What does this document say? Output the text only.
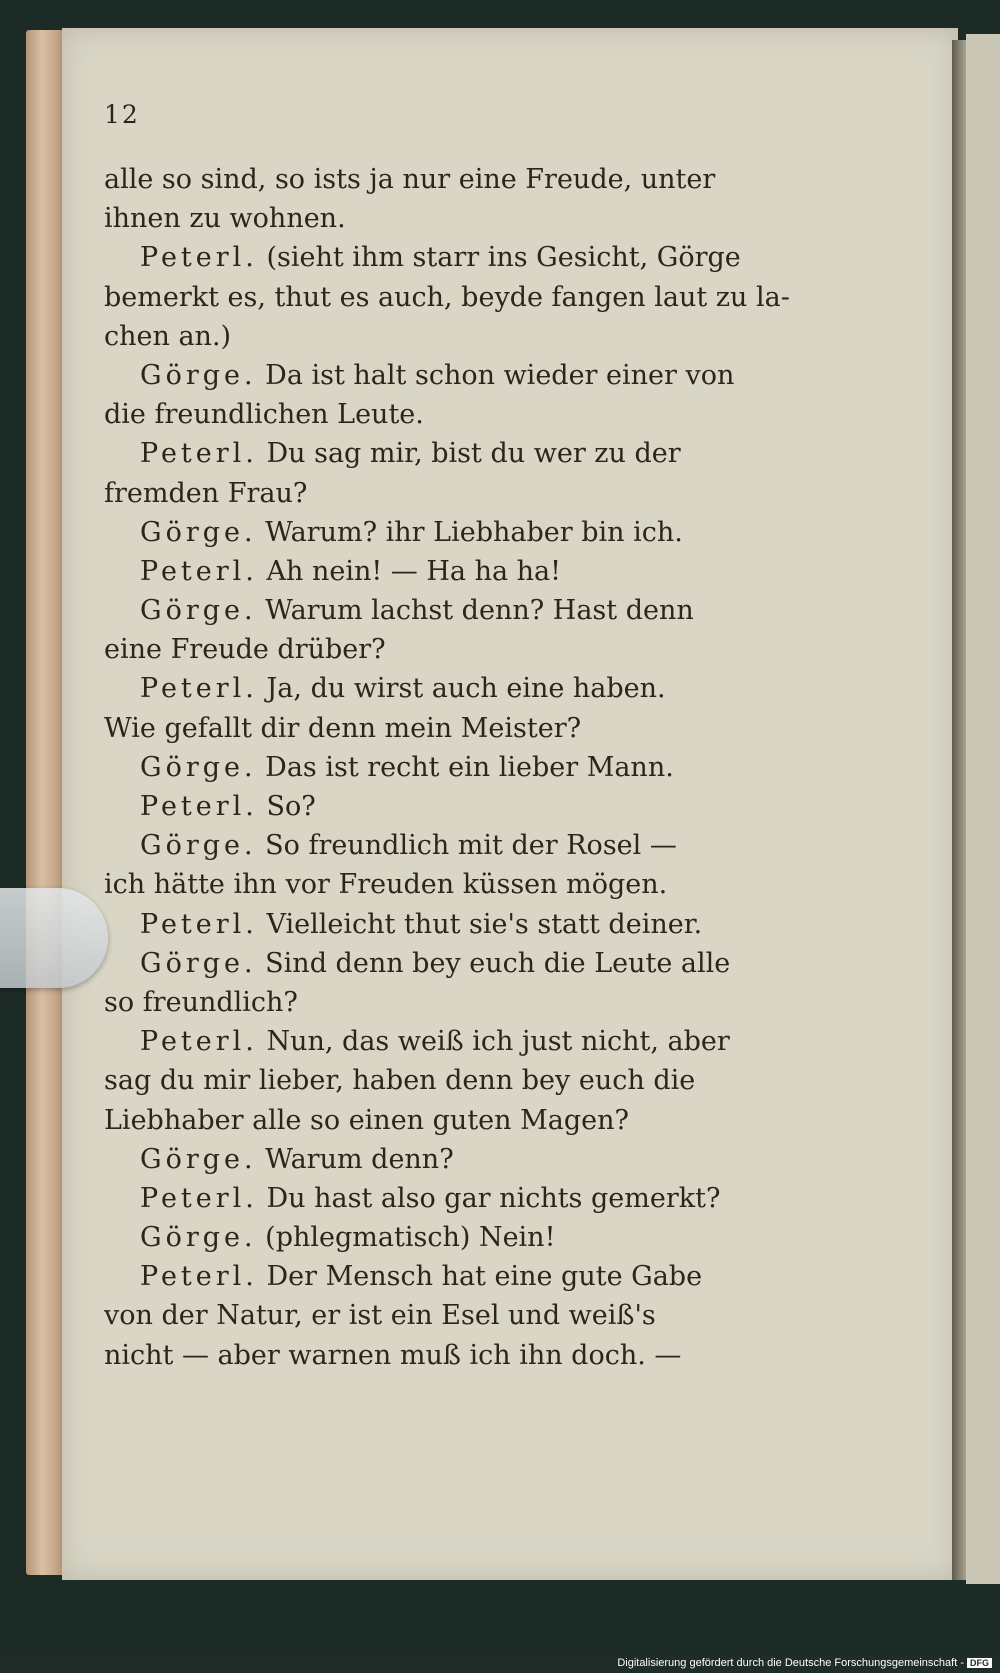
12
alle so sind, so ists ja nur eine Freude, unter
ihnen zu wohnen.
Peterl. (sieht ihm starr ins Gesicht, Görge
bemerkt es, thut es auch, beyde fangen laut zu la-
chen an.)
Görge. Da ist halt schon wieder einer von
die freundlichen Leute.
Peterl. Du sag mir, bist du wer zu der
fremden Frau?
Görge. Warum? ihr Liebhaber bin ich.
Peterl. Ah nein! — Ha ha ha!
Görge. Warum lachst denn? Hast denn
eine Freude drüber?
Peterl. Ja, du wirst auch eine haben.
Wie gefallt dir denn mein Meister?
Görge. Das ist recht ein lieber Mann.
Peterl. So?
Görge. So freundlich mit der Rosel —
ich hätte ihn vor Freuden küssen mögen.
Peterl. Vielleicht thut sie's statt deiner.
Görge. Sind denn bey euch die Leute alle
so freundlich?
Peterl. Nun, das weiß ich just nicht, aber
sag du mir lieber, haben denn bey euch die
Liebhaber alle so einen guten Magen?
Görge. Warum denn?
Peterl. Du hast also gar nichts gemerkt?
Görge. (phlegmatisch) Nein!
Peterl. Der Mensch hat eine gute Gabe
von der Natur, er ist ein Esel und weiß's
nicht — aber warnen muß ich ihn doch. —
Digitalisierung gefördert durch die Deutsche Forschungsgemeinschaft - DFG
